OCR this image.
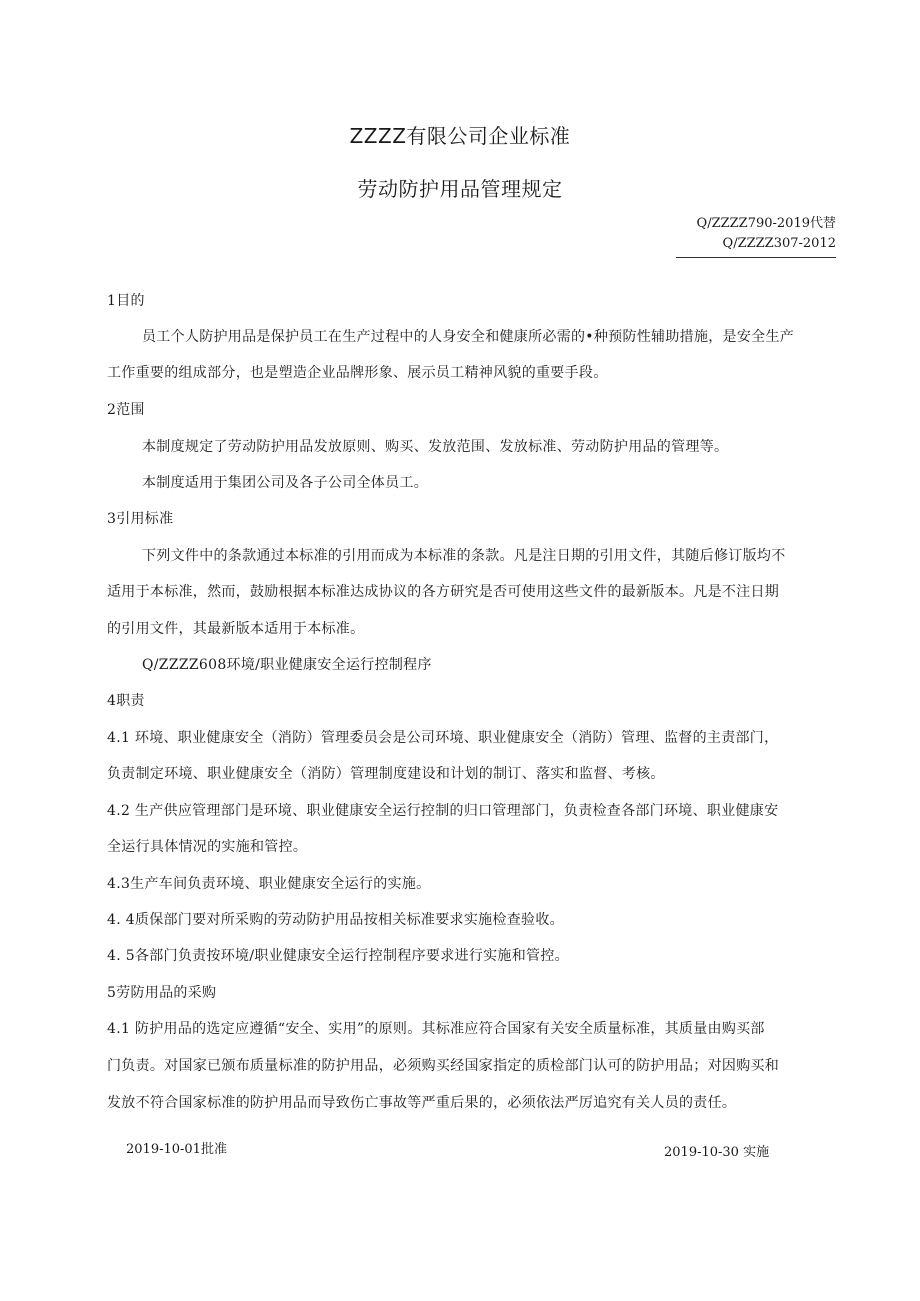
ZZZZ有限公司企业标准
劳动防护用品管理规定
Q/ZZZZ790-2019代替
Q/ZZZZ307-2012
1目的
员工个人防护用品是保护员工在生产过程中的人身安全和健康所必需的•种预防性辅助措施，是安全生产
工作重要的组成部分，也是塑造企业品牌形象、展示员工精神风貌的重要手段。
2范围
本制度规定了劳动防护用品发放原则、购买、发放范围、发放标准、劳动防护用品的管理等。
本制度适用于集团公司及各子公司全体员工。
3引用标准
下列文件中的条款通过本标准的引用而成为本标准的条款。凡是注日期的引用文件，其随后修订版均不
适用于本标准，然而，鼓励根据本标准达成协议的各方研究是否可使用这些文件的最新版本。凡是不注日期
的引用文件，其最新版本适用于本标准。
Q/ZZZZ608环境/职业健康安全运行控制程序
4职责
4.1 环境、职业健康安全（消防）管理委员会是公司环境、职业健康安全（消防）管理、监督的主责部门，
负责制定环境、职业健康安全（消防）管理制度建设和计划的制订、落实和监督、考核。
4.2 生产供应管理部门是环境、职业健康安全运行控制的归口管理部门，负责检查各部门环境、职业健康安
全运行具体情况的实施和管控。
4.3生产车间负责环境、职业健康安全运行的实施。
4. 4质保部门要对所采购的劳动防护用品按相关标准要求实施检查验收。
4. 5各部门负责按环境/职业健康安全运行控制程序要求进行实施和管控。
5劳防用品的采购
4.1 防护用品的选定应遵循“安全、实用”的原则。其标准应符合国家有关安全质量标准，其质量由购买部
门负责。对国家已颁布质量标准的防护用品，必须购买经国家指定的质检部门认可的防护用品；对因购买和
发放不符合国家标准的防护用品而导致伤亡事故等严重后果的，必须依法严厉追究有关人员的责任。
2019-10-01批准	2019-10-30 实施
